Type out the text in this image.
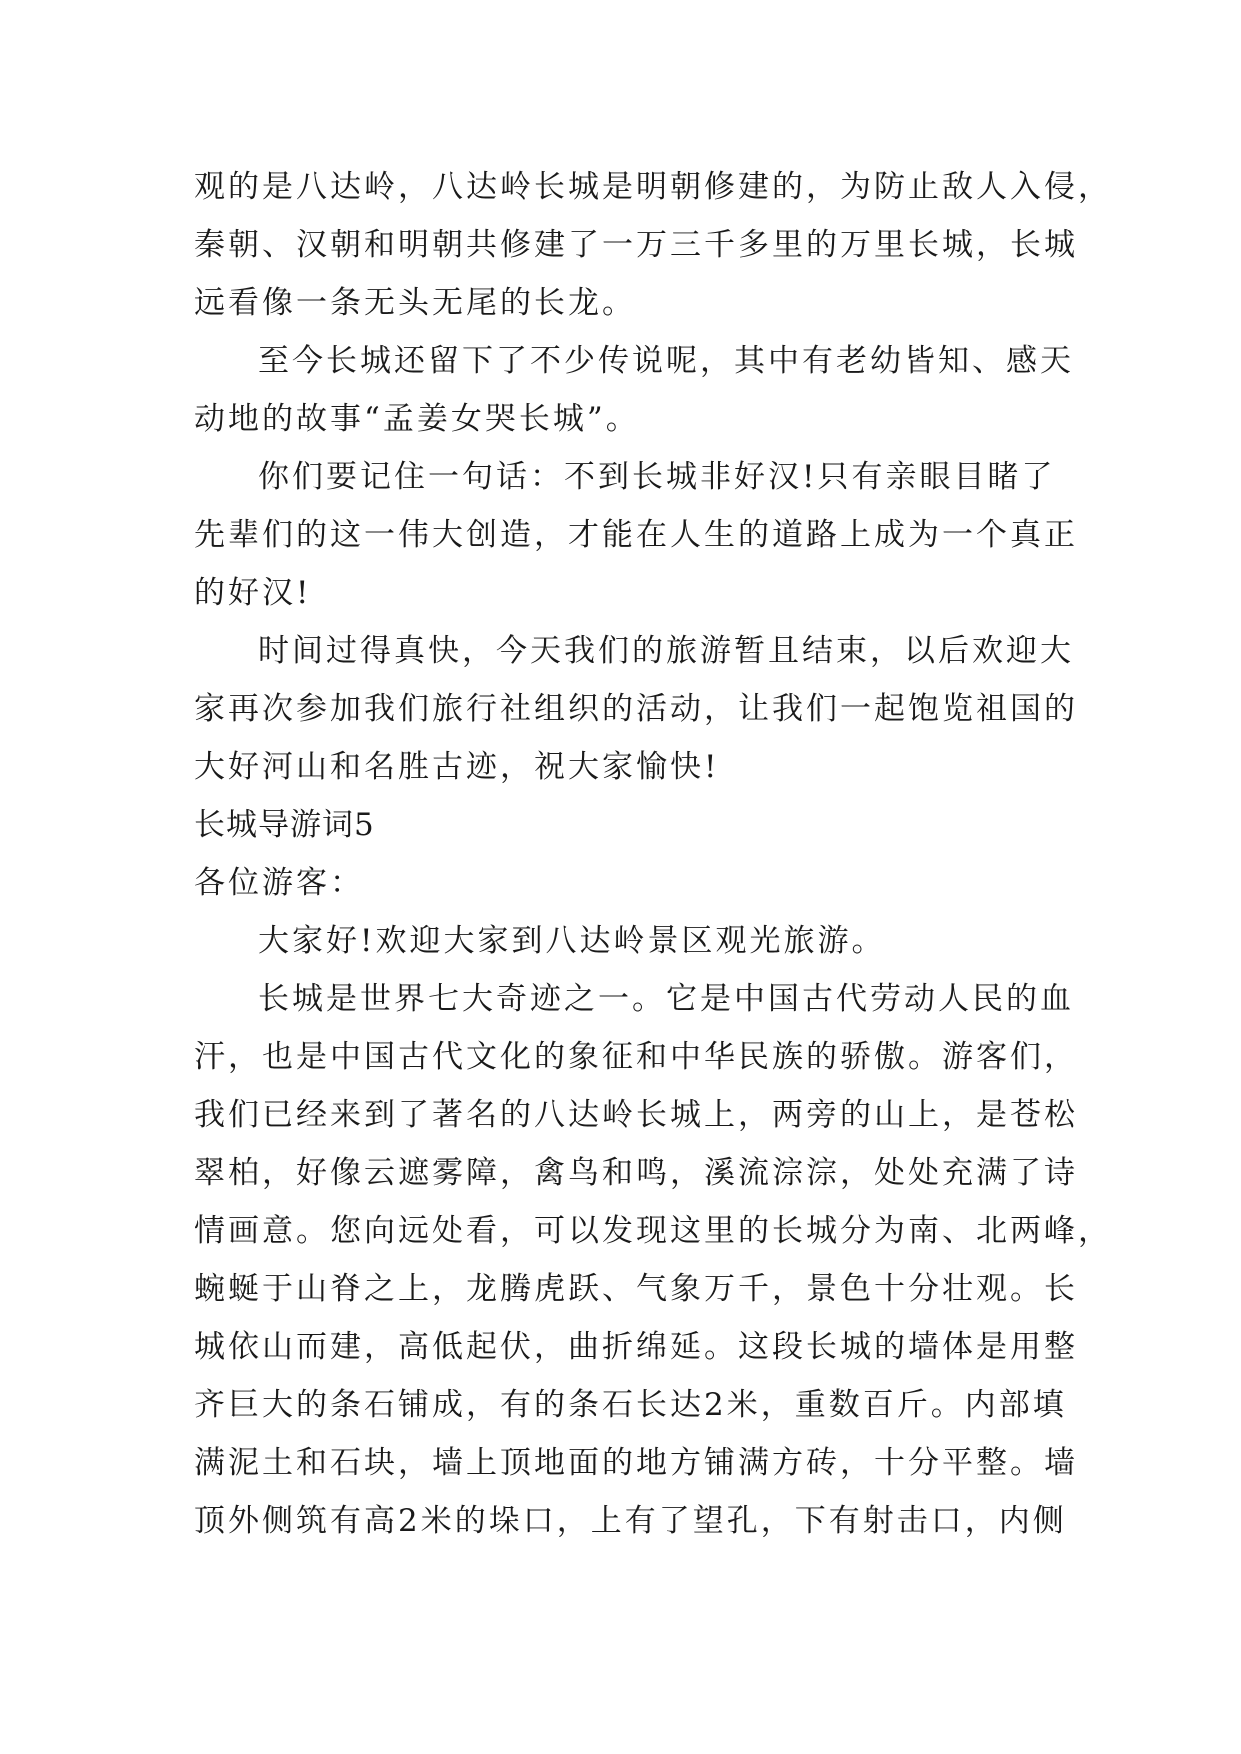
观的是八达岭，八达岭长城是明朝修建的，为防止敌人入侵，
秦朝、汉朝和明朝共修建了一万三千多里的万里长城，长城
远看像一条无头无尾的长龙。
至今长城还留下了不少传说呢，其中有老幼皆知、感天
动地的故事“孟姜女哭长城”。
你们要记住一句话：不到长城非好汉!只有亲眼目睹了
先辈们的这一伟大创造，才能在人生的道路上成为一个真正
的好汉!
时间过得真快，今天我们的旅游暂且结束，以后欢迎大
家再次参加我们旅行社组织的活动，让我们一起饱览祖国的
大好河山和名胜古迹，祝大家愉快!
长城导游词5
各位游客：
大家好!欢迎大家到八达岭景区观光旅游。
长城是世界七大奇迹之一。它是中国古代劳动人民的血
汗，也是中国古代文化的象征和中华民族的骄傲。游客们，
我们已经来到了著名的八达岭长城上，两旁的山上，是苍松
翠柏，好像云遮雾障，禽鸟和鸣，溪流淙淙，处处充满了诗
情画意。您向远处看，可以发现这里的长城分为南、北两峰，
蜿蜒于山脊之上，龙腾虎跃、气象万千，景色十分壮观。长
城依山而建，高低起伏，曲折绵延。这段长城的墙体是用整
齐巨大的条石铺成，有的条石长达2米，重数百斤。内部填
满泥土和石块，墙上顶地面的地方铺满方砖，十分平整。墙
顶外侧筑有高2米的垛口，上有了望孔，下有射击口，内侧
